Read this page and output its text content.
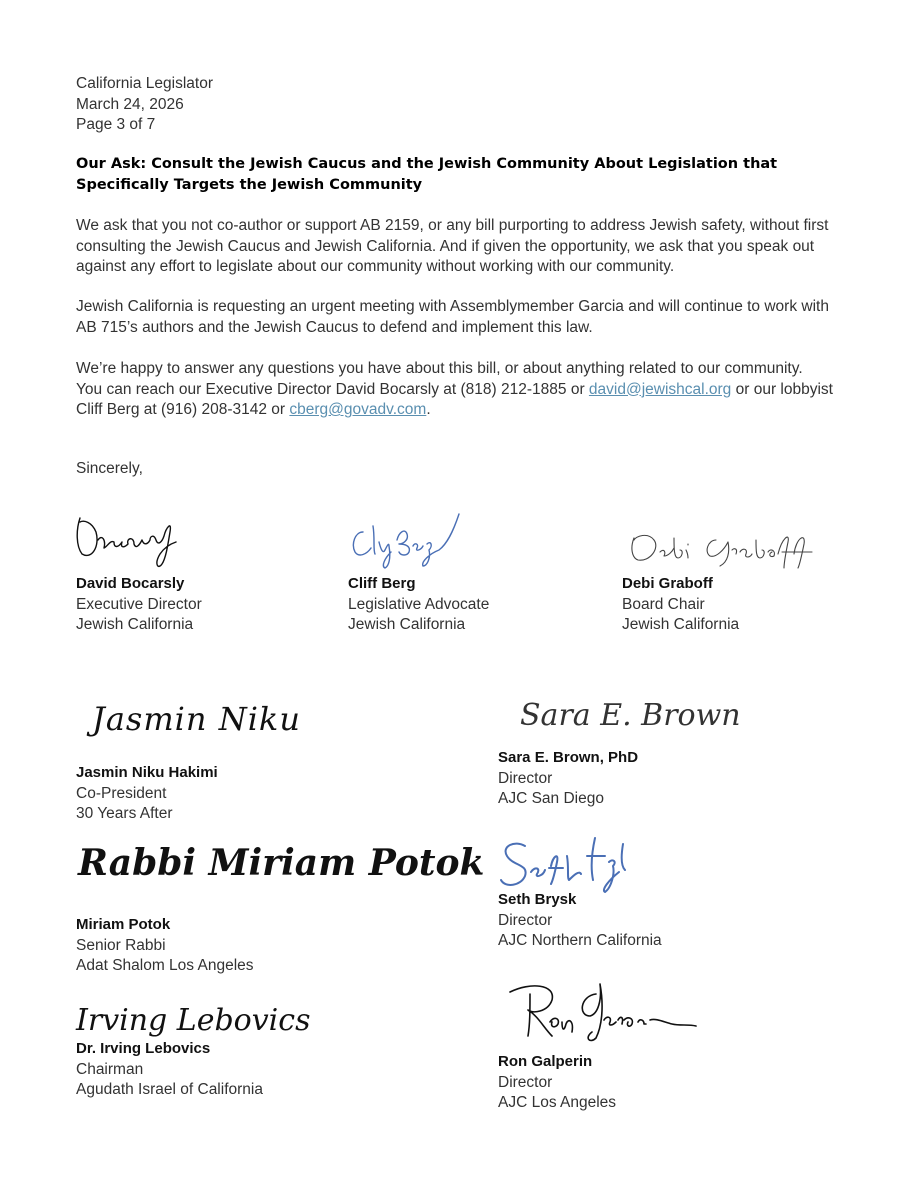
California Legislator
March 24, 2026
Page 3 of 7
Our Ask: Consult the Jewish Caucus and the Jewish Community About Legislation that
Specifically Targets the Jewish Community
We ask that you not co-author or support AB 2159, or any bill purporting to address Jewish safety, without first
consulting the Jewish Caucus and Jewish California. And if given the opportunity, we ask that you speak out
against any effort to legislate about our community without working with our community.
Jewish California is requesting an urgent meeting with Assemblymember Garcia and will continue to work with
AB 715’s authors and the Jewish Caucus to defend and implement this law.
We’re happy to answer any questions you have about this bill, or about anything related to our community.
You can reach our Executive Director David Bocarsly at (818) 212-1885 or david@jewishcal.org or our lobbyist
Cliff Berg at (916) 208-3142 or cberg@govadv.com.
Sincerely,
David Bocarsly
Executive Director
Jewish California
Cliff Berg
Legislative Advocate
Jewish California
Debi Graboff
Board Chair
Jewish California
Jasmin Niku
Jasmin Niku Hakimi
Co-President
30 Years After
Sara E. Brown
Sara E. Brown, PhD
Director
AJC San Diego
Rabbi Miriam Potok
Miriam Potok
Senior Rabbi
Adat Shalom Los Angeles
Seth Brysk
Director
AJC Northern California
Irving Lebovics
Dr. Irving Lebovics
Chairman
Agudath Israel of California
Ron Galperin
Director
AJC Los Angeles
